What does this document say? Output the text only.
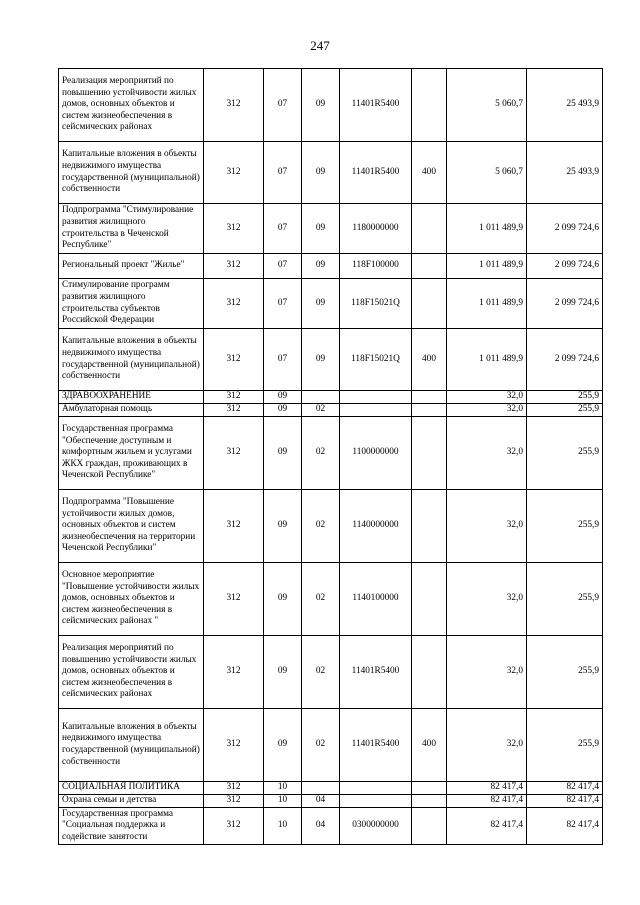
247
Реализация мероприятий по повышению устойчивости жилых домов, основных объектов и систем жизнеобеспечения в сейсмических районах	312	07	09	11401R5400		5 060,7	25 493,9
Капитальные вложения в объекты недвижимого имущества государственной (муниципальной) собственности	312	07	09	11401R5400	400	5 060,7	25 493,9
Подпрограмма "Стимулирование развития жилищного строительства в Чеченской Республике"	312	07	09	1180000000		1 011 489,9	2 099 724,6
Региональный проект "Жилье"	312	07	09	118F100000		1 011 489,9	2 099 724,6
Стимулирование программ развития жилищного строительства субъектов Российской Федерации	312	07	09	118F15021Q		1 011 489,9	2 099 724,6
Капитальные вложения в объекты недвижимого имущества государственной (муниципальной) собственности	312	07	09	118F15021Q	400	1 011 489,9	2 099 724,6
ЗДРАВООХРАНЕНИЕ	312	09				32,0	255,9
Амбулаторная помощь	312	09	02			32,0	255,9
Государственная программа "Обеспечение доступным и комфортным жильем и услугами ЖКХ граждан, проживающих в Чеченской Республике"	312	09	02	1100000000		32,0	255,9
Подпрограмма "Повышение устойчивости жилых домов, основных объектов и систем жизнеобеспечения на территории Чеченской Республики"	312	09	02	1140000000		32,0	255,9
Основное мероприятие "Повышение устойчивости жилых домов, основных объектов и систем жизнеобеспечения в сейсмических районах "	312	09	02	1140100000		32,0	255,9
Реализация мероприятий по повышению устойчивости жилых домов, основных объектов и систем жизнеобеспечения в сейсмических районах	312	09	02	11401R5400		32,0	255,9
Капитальные вложения в объекты недвижимого имущества государственной (муниципальной) собственности	312	09	02	11401R5400	400	32,0	255,9
СОЦИАЛЬНАЯ ПОЛИТИКА	312	10				82 417,4	82 417,4
Охрана семьи и детства	312	10	04			82 417,4	82 417,4
Государственная программа "Социальная поддержка и содействие занятости	312	10	04	0300000000		82 417,4	82 417,4
